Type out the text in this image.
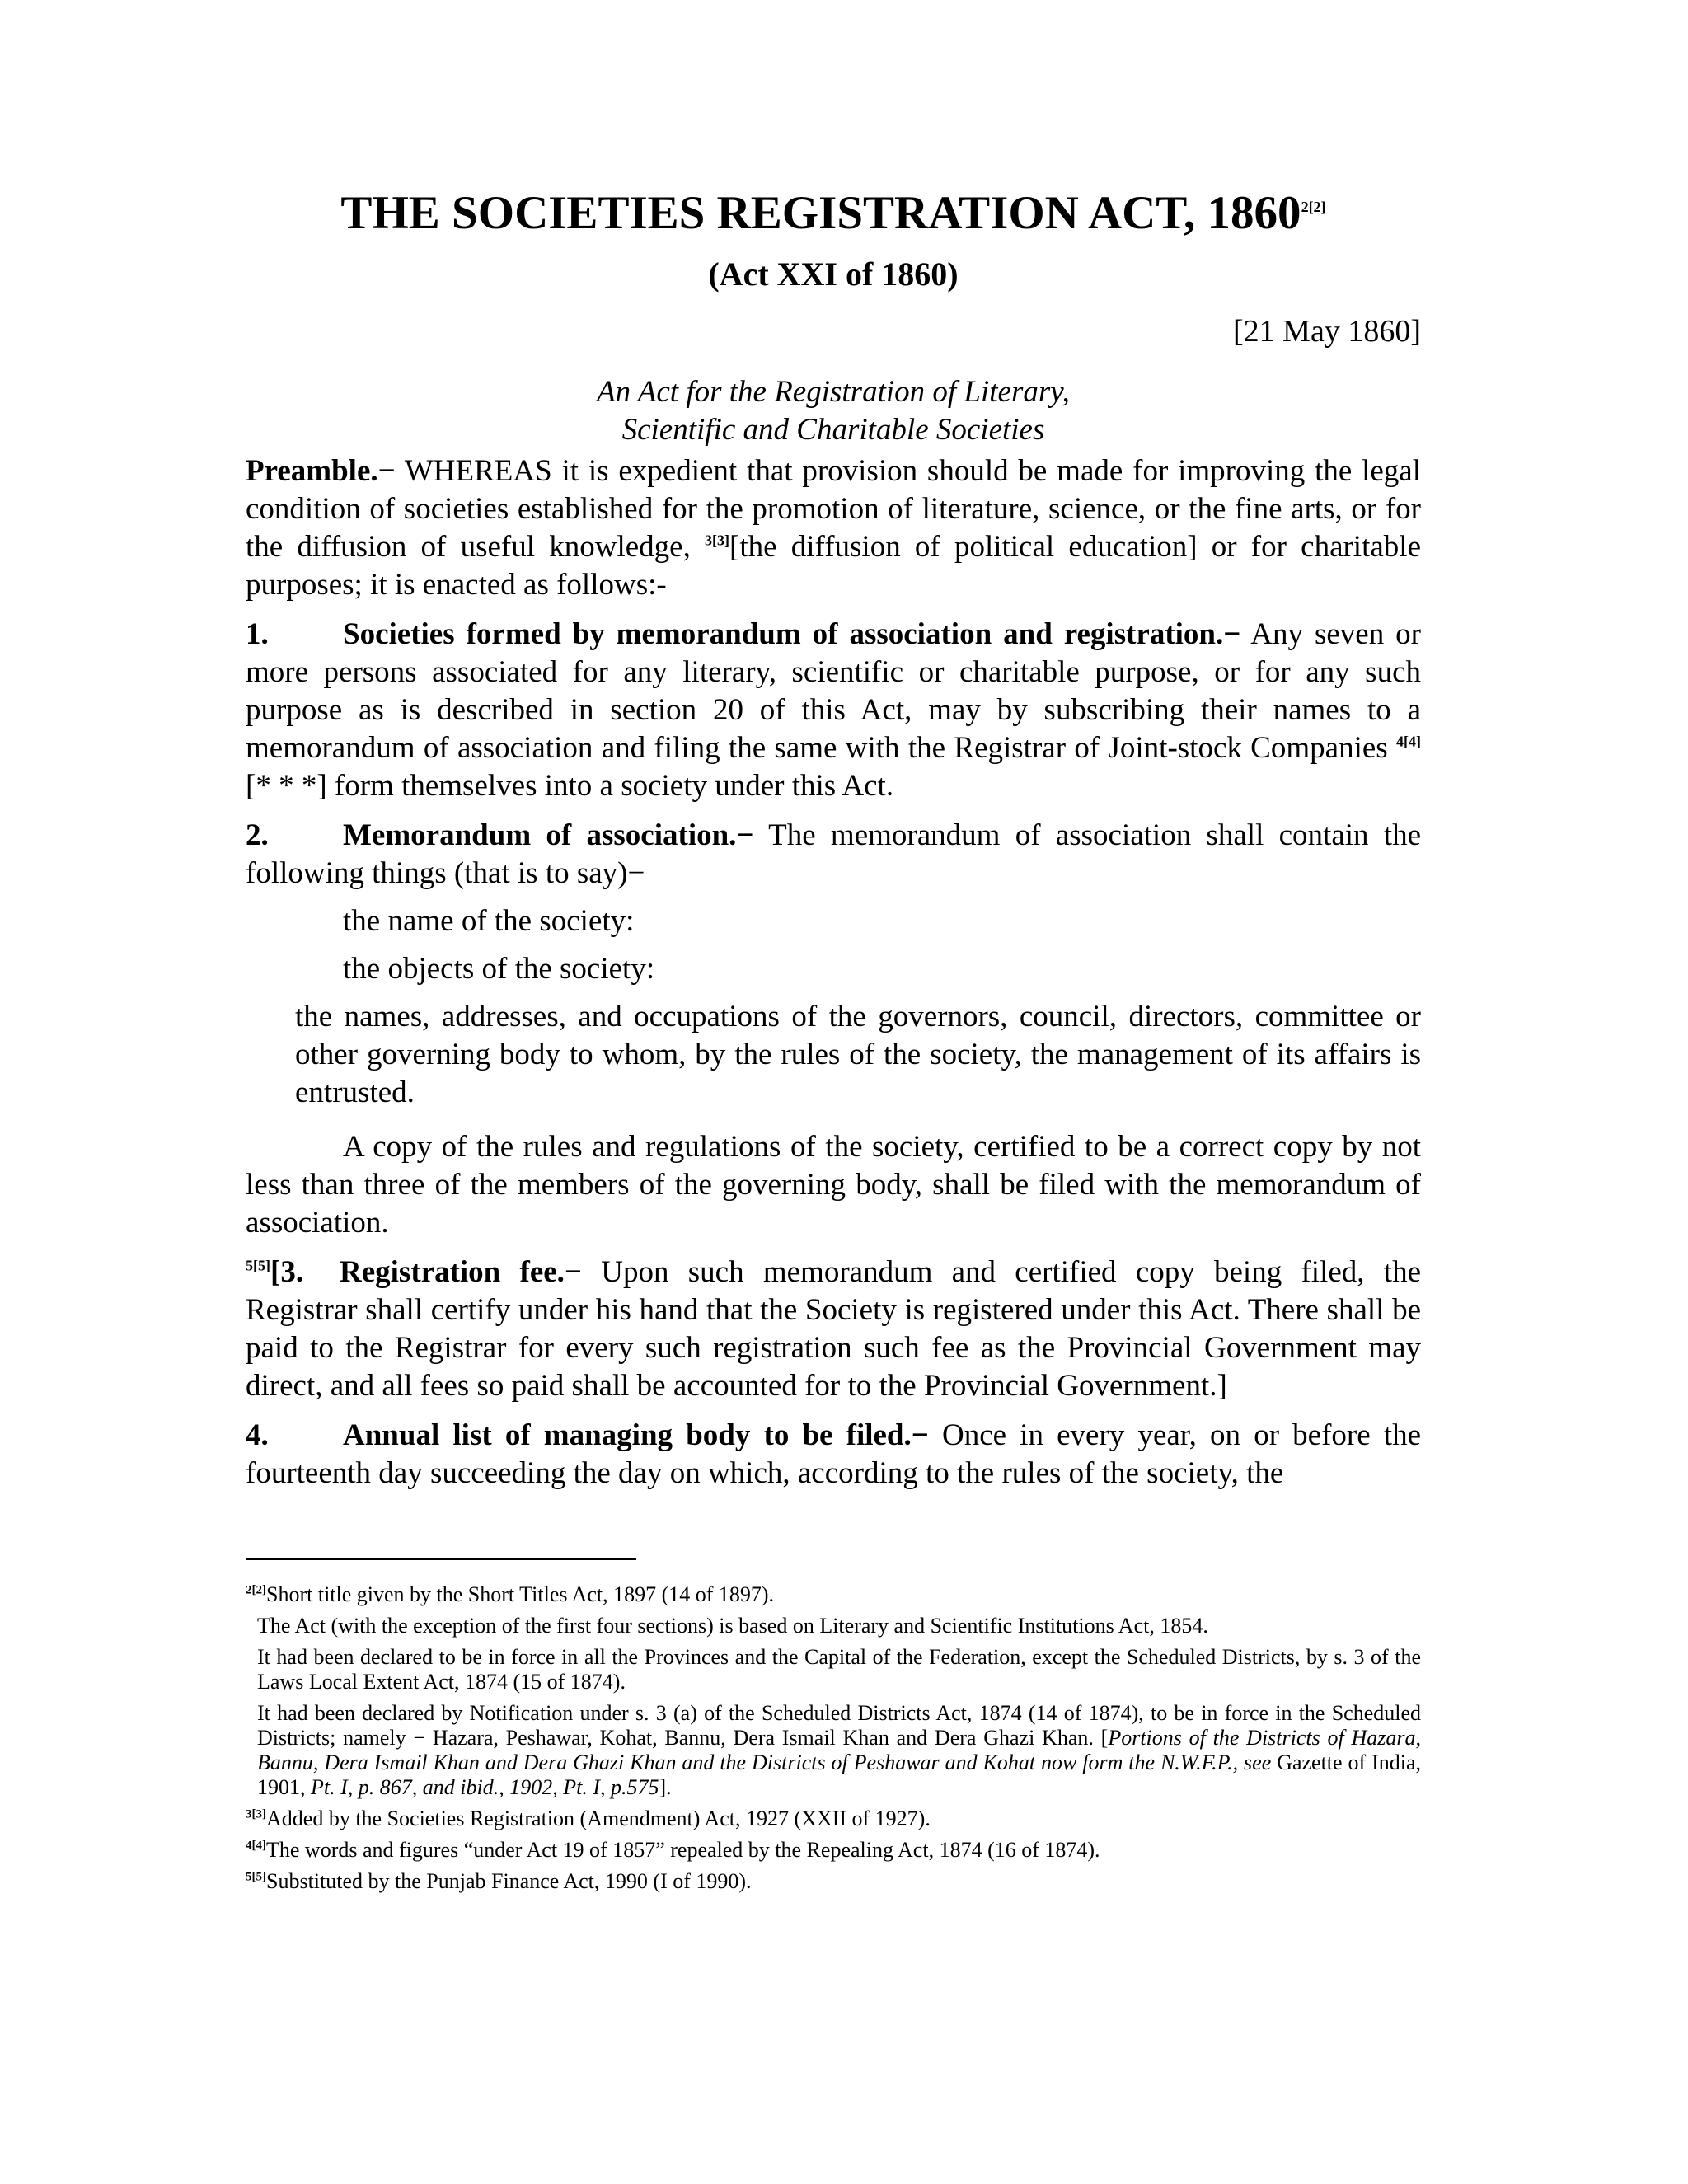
THE SOCIETIES REGISTRATION ACT, $1860^{2[2]}$
(Act XXI of 1860)
[21 May 1860]
An Act for the Registration of Literary,
Scientific and Charitable Societies

Preamble.− WHEREAS it is expedient that provision should be made for improving the legal condition of societies established for the promotion of literature, science, or the fine arts, or for the diffusion of useful knowledge, $^{3[3]}$[the diffusion of political education] or for charitable purposes; it is enacted as follows:-

1. Societies formed by memorandum of association and registration.− Any seven or more persons associated for any literary, scientific or charitable purpose, or for any such purpose as is described in section 20 of this Act, may by subscribing their names to a memorandum of association and filing the same with the Registrar of Joint-stock Companies $^{4[4]}$[* * *] form themselves into a society under this Act.

2. Memorandum of association.− The memorandum of association shall contain the following things (that is to say)−

the name of the society:
the objects of the society:
the names, addresses, and occupations of the governors, council, directors, committee or other governing body to whom, by the rules of the society, the management of its affairs is entrusted.

A copy of the rules and regulations of the society, certified to be a correct copy by not less than three of the members of the governing body, shall be filed with the memorandum of association.

$^{5[5]}$[3. Registration fee.− Upon such memorandum and certified copy being filed, the Registrar shall certify under his hand that the Society is registered under this Act. There shall be paid to the Registrar for every such registration such fee as the Provincial Government may direct, and all fees so paid shall be accounted for to the Provincial Government.]

4. Annual list of managing body to be filed.− Once in every year, on or before the fourteenth day succeeding the day on which, according to the rules of the society, the

$^{2[2]}$Short title given by the Short Titles Act, 1897 (14 of 1897).

The Act (with the exception of the first four sections) is based on Literary and Scientific Institutions Act, 1854.

It had been declared to be in force in all the Provinces and the Capital of the Federation, except the Scheduled Districts, by s. 3 of the Laws Local Extent Act, 1874 (15 of 1874).

It had been declared by Notification under s. 3 (a) of the Scheduled Districts Act, 1874 (14 of 1874), to be in force in the Scheduled Districts; namely − Hazara, Peshawar, Kohat, Bannu, Dera Ismail Khan and Dera Ghazi Khan. [Portions of the Districts of Hazara, Bannu, Dera Ismail Khan and Dera Ghazi Khan and the Districts of Peshawar and Kohat now form the N.W.F.P., see Gazette of India, 1901, Pt. I, p. 867, and ibid., 1902, Pt. I, p.575].

$^{3[3]}$Added by the Societies Registration (Amendment) Act, 1927 (XXII of 1927).

$^{4[4]}$The words and figures “under Act 19 of 1857” repealed by the Repealing Act, 1874 (16 of 1874).

$^{5[5]}$Substituted by the Punjab Finance Act, 1990 (I of 1990).
